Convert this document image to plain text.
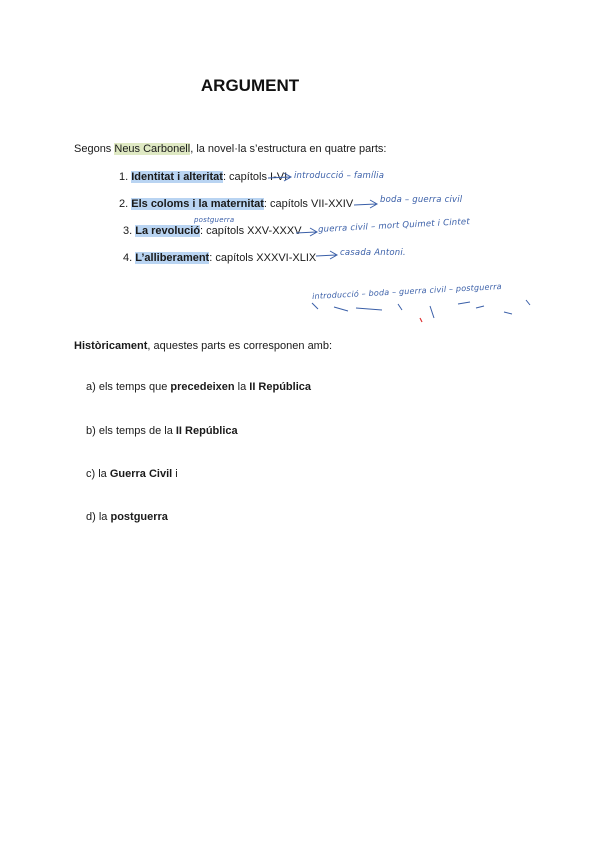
ARGUMENT
Segons Neus Carbonell, la novel·la s’estructura en quatre parts:
1. Identitat i alteritat: capítols I-VI
2. Els coloms i la maternitat: capítols VII-XXIV
3. La revolució: capítols XXV-XXXV
4. L’alliberament: capítols XXXVI-XLIX
introducció – família
boda – guerra civil
postguerra	guerra civil – mort Quimet i Cintet
casada Antoni.
introducció – boda – guerra civil – postguerra
Històricament, aquestes parts es corresponen amb:
a) els temps que precedeixen la II República
b) els temps de la II República
c) la Guerra Civil i
d) la postguerra
